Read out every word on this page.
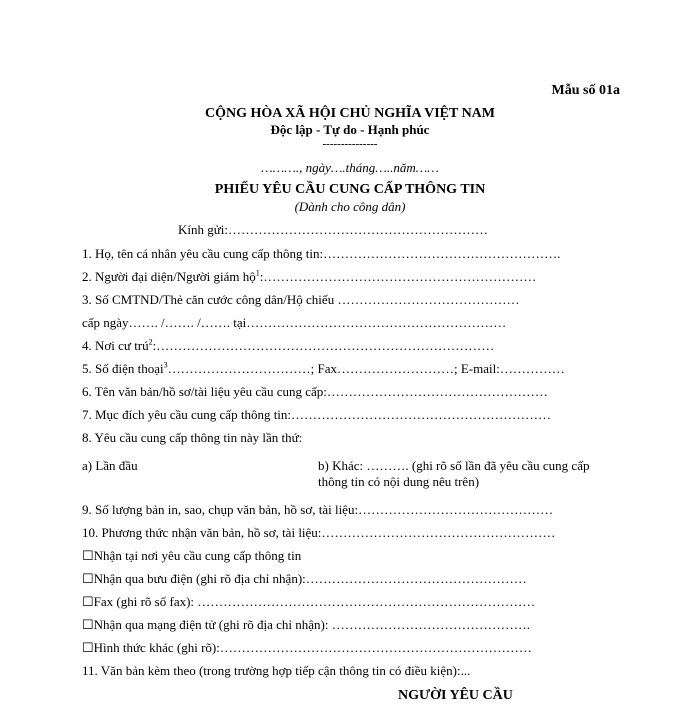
Mẫu số 01a
CỘNG HÒA XÃ HỘI CHỦ NGHĨA VIỆT NAM
Độc lập - Tự do - Hạnh phúc
---------------
………., ngày….tháng…..năm……
PHIẾU YÊU CẦU CUNG CẤP THÔNG TIN
(Dành cho công dân)
Kính gửi:……………………………………………………
1. Họ, tên cá nhân yêu cầu cung cấp thông tin:……………………………………………….
2. Người đại diện/Người giám hộ$^1$:………………………………………………………
3. Số CMTND/Thẻ căn cước công dân/Hộ chiếu ……………………………………
cấp ngày……. /……. /……. tại……………………………………………………
4. Nơi cư trú$^2$:……………………………………………………………………
5. Số điện thoại$^3$……………………………; Fax………………………; E-mail:……………
6. Tên văn bản/hồ sơ/tài liệu yêu cầu cung cấp:……………………………………………
7. Mục đích yêu cầu cung cấp thông tin:……………………………………………………
8. Yêu cầu cung cấp thông tin này lần thứ:
a) Lần đầu	b) Khác: ………. (ghi rõ số lần đã yêu cầu cung cấp
thông tin có nội dung nêu trên)
9. Số lượng bản in, sao, chụp văn bản, hồ sơ, tài liệu:………………………………………
10. Phương thức nhận văn bản, hồ sơ, tài liệu:………………………………………………
☐Nhận tại nơi yêu cầu cung cấp thông tin
☐Nhận qua bưu điện (ghi rõ địa chỉ nhận):……………………………………………
☐Fax (ghi rõ số fax): ……………………………………………………………………
☐Nhận qua mạng điện tử (ghi rõ địa chỉ nhận): ……………………………………….
☐Hình thức khác (ghi rõ):………………………………………………………………
11. Văn bản kèm theo (trong trường hợp tiếp cận thông tin có điều kiện):...
NGƯỜI YÊU CẦU
